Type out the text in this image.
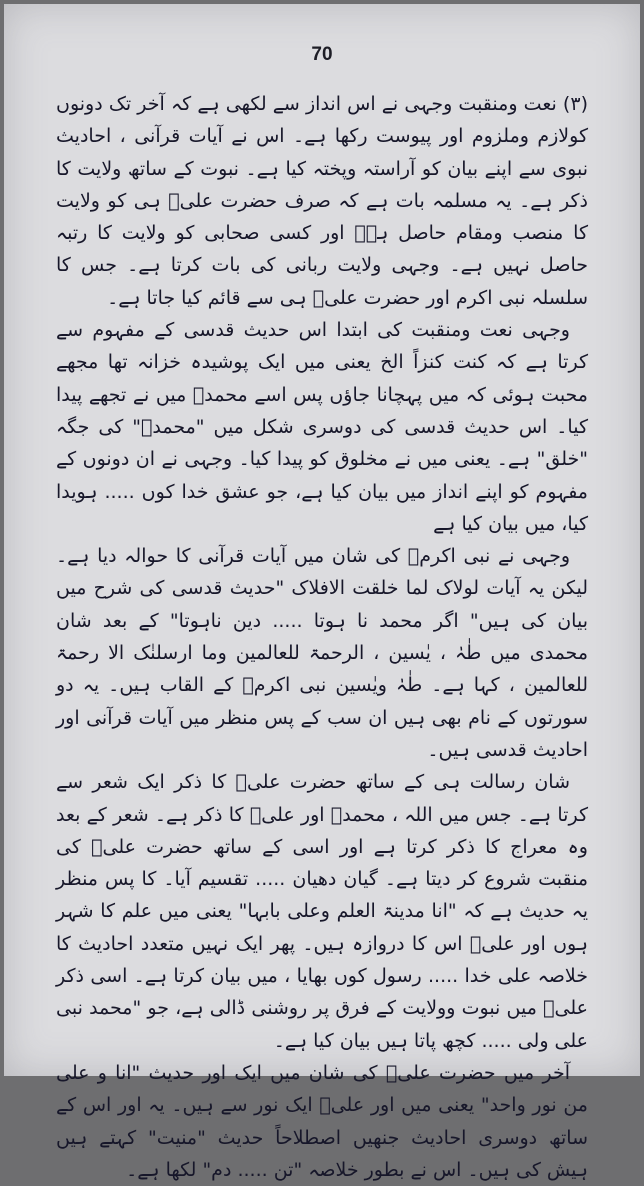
70

(۳) نعت ومنقبت وجہی نے اس انداز سے لکھی ہے کہ آخر تک دونوں کولازم وملزوم اور پیوست رکھا ہے۔ اس نے آیات قرآنی ، احادیث نبوی سے اپنے بیان کو آراستہ وپختہ کیا ہے۔ نبوت کے ساتھ ولایت کا ذکر ہے۔ یہ مسلمہ بات ہے کہ صرف حضرت علیؓ ہی کو ولایت کا منصب ومقام حاصل ہےؓ اور کسی صحابی کو ولایت کا رتبہ حاصل نہیں ہے۔ وجہی ولایت ربانی کی بات کرتا ہے۔ جس کا سلسلہ نبی اکرم اور حضرت علیؓ ہی سے قائم کیا جاتا ہے۔

وجہی نعت ومنقبت کی ابتدا اس حدیث قدسی کے مفہوم سے کرتا ہے کہ کنت کنزاً الخ یعنی میں ایک پوشیدہ خزانہ تھا مجھے محبت ہوئی کہ میں پہچانا جاؤں پس اسے محمدؐ میں نے تجھے پیدا کیا۔ اس حدیث قدسی کی دوسری شکل میں "محمدؐ" کی جگہ "خلق" ہے۔ یعنی میں نے مخلوق کو پیدا کیا۔ وجہی نے ان دونوں کے مفہوم کو اپنے انداز میں بیان کیا ہے، جو عشق خدا کوں ..... ہویدا کیا، میں بیان کیا ہے

وجہی نے نبی اکرمؐ کی شان میں آیات قرآنی کا حوالہ دیا ہے۔ لیکن یہ آیات لولاک لما خلقت الافلاک "حدیث قدسی کی شرح میں بیان کی ہیں" اگر محمد نا ہوتا ..... دین ناہوتا" کے بعد شان محمدی میں طٰہٰ ، یٰسین ، الرحمۃ للعالمین وما ارسلنٰک الا رحمۃ للعالمین ، کہا ہے۔ طٰہٰ ویٰسین نبی اکرمؐ کے القاب ہیں۔ یہ دو سورتوں کے نام بھی ہیں ان سب کے پس منظر میں آیات قرآنی اور احادیث قدسی ہیں۔

شان رسالت ہی کے ساتھ حضرت علیؓ کا ذکر ایک شعر سے کرتا ہے۔ جس میں اللہ ، محمدؐ اور علیؓ کا ذکر ہے۔ شعر کے بعد وہ معراج کا ذکر کرتا ہے اور اسی کے ساتھ حضرت علیؓ کی منقبت شروع کر دیتا ہے۔ گیان دھیان ..... تقسیم آیا۔ کا پس منظر یہ حدیث ہے کہ "انا مدینۃ العلم وعلی بابہا" یعنی میں علم کا شہر ہوں اور علیؓ اس کا دروازہ ہیں۔ پھر ایک نہیں متعدد احادیث کا خلاصہ علی خدا ..... رسول کوں بھایا ، میں بیان کرتا ہے۔ اسی ذکر علیؓ میں نبوت وولایت کے فرق پر روشنی ڈالی ہے، جو "محمد نبی علی ولی ..... کچھ پاتا ہیں بیان کیا ہے۔

آخر میں حضرت علیؓ کی شان میں ایک اور حدیث "انا و علی من نور واحد" یعنی میں اور علیؓ ایک نور سے ہیں۔ یہ اور اس کے ساتھ دوسری احادیث جنھیں اصطلاحاً حدیث "منیت" کہتے ہیں ہیش کی ہیں۔ اس نے بطور خلاصہ "تن ..... دم" لکھا ہے۔
